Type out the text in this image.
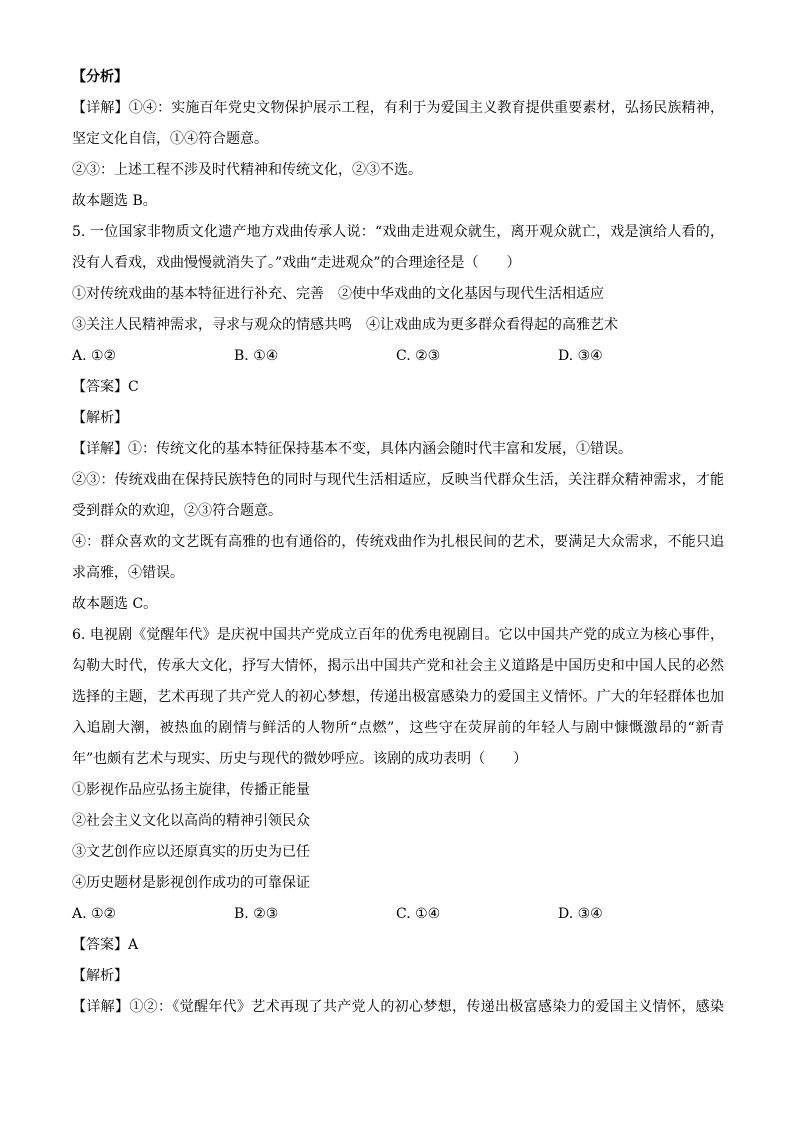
【分析】

【详解】①④：实施百年党史文物保护展示工程，有利于为爱国主义教育提供重要素材，弘扬民族精神，

坚定文化自信，①④符合题意。

②③：上述工程不涉及时代精神和传统文化，②③不选。

故本题选 B。

5. 一位国家非物质文化遗产地方戏曲传承人说：“戏曲走进观众就生，离开观众就亡，戏是演给人看的，

没有人看戏，戏曲慢慢就消失了。”戏曲“走进观众”的合理途径是（　　）

①对传统戏曲的基本特征进行补充、完善　②使中华戏曲的文化基因与现代生活相适应

③关注人民精神需求，寻求与观众的情感共鸣　④让戏曲成为更多群众看得起的高雅艺术

A. ①②	B. ①④	C. ②③	D. ③④

【答案】C

【解析】

【详解】①：传统文化的基本特征保持基本不变，具体内涵会随时代丰富和发展，①错误。

②③：传统戏曲在保持民族特色的同时与现代生活相适应，反映当代群众生活，关注群众精神需求，才能

受到群众的欢迎，②③符合题意。

④：群众喜欢的文艺既有高雅的也有通俗的，传统戏曲作为扎根民间的艺术，要满足大众需求，不能只追

求高雅，④错误。

故本题选 C。

6. 电视剧《觉醒年代》是庆祝中国共产党成立百年的优秀电视剧目。它以中国共产党的成立为核心事件，

勾勒大时代，传承大文化，抒写大情怀，揭示出中国共产党和社会主义道路是中国历史和中国人民的必然

选择的主题，艺术再现了共产党人的初心梦想，传递出极富感染力的爱国主义情怀。广大的年轻群体也加

入追剧大潮，被热血的剧情与鲜活的人物所“点燃”，这些守在荧屏前的年轻人与剧中慷慨激昂的“新青

年”也颇有艺术与现实、历史与现代的微妙呼应。该剧的成功表明（　　）

①影视作品应弘扬主旋律，传播正能量

②社会主义文化以高尚的精神引领民众

③文艺创作应以还原真实的历史为已任

④历史题材是影视创作成功的可靠保证

A. ①②	B. ②③	C. ①④	D. ③④

【答案】A

【解析】

【详解】①②：《觉醒年代》艺术再现了共产党人的初心梦想，传递出极富感染力的爱国主义情怀，感染
